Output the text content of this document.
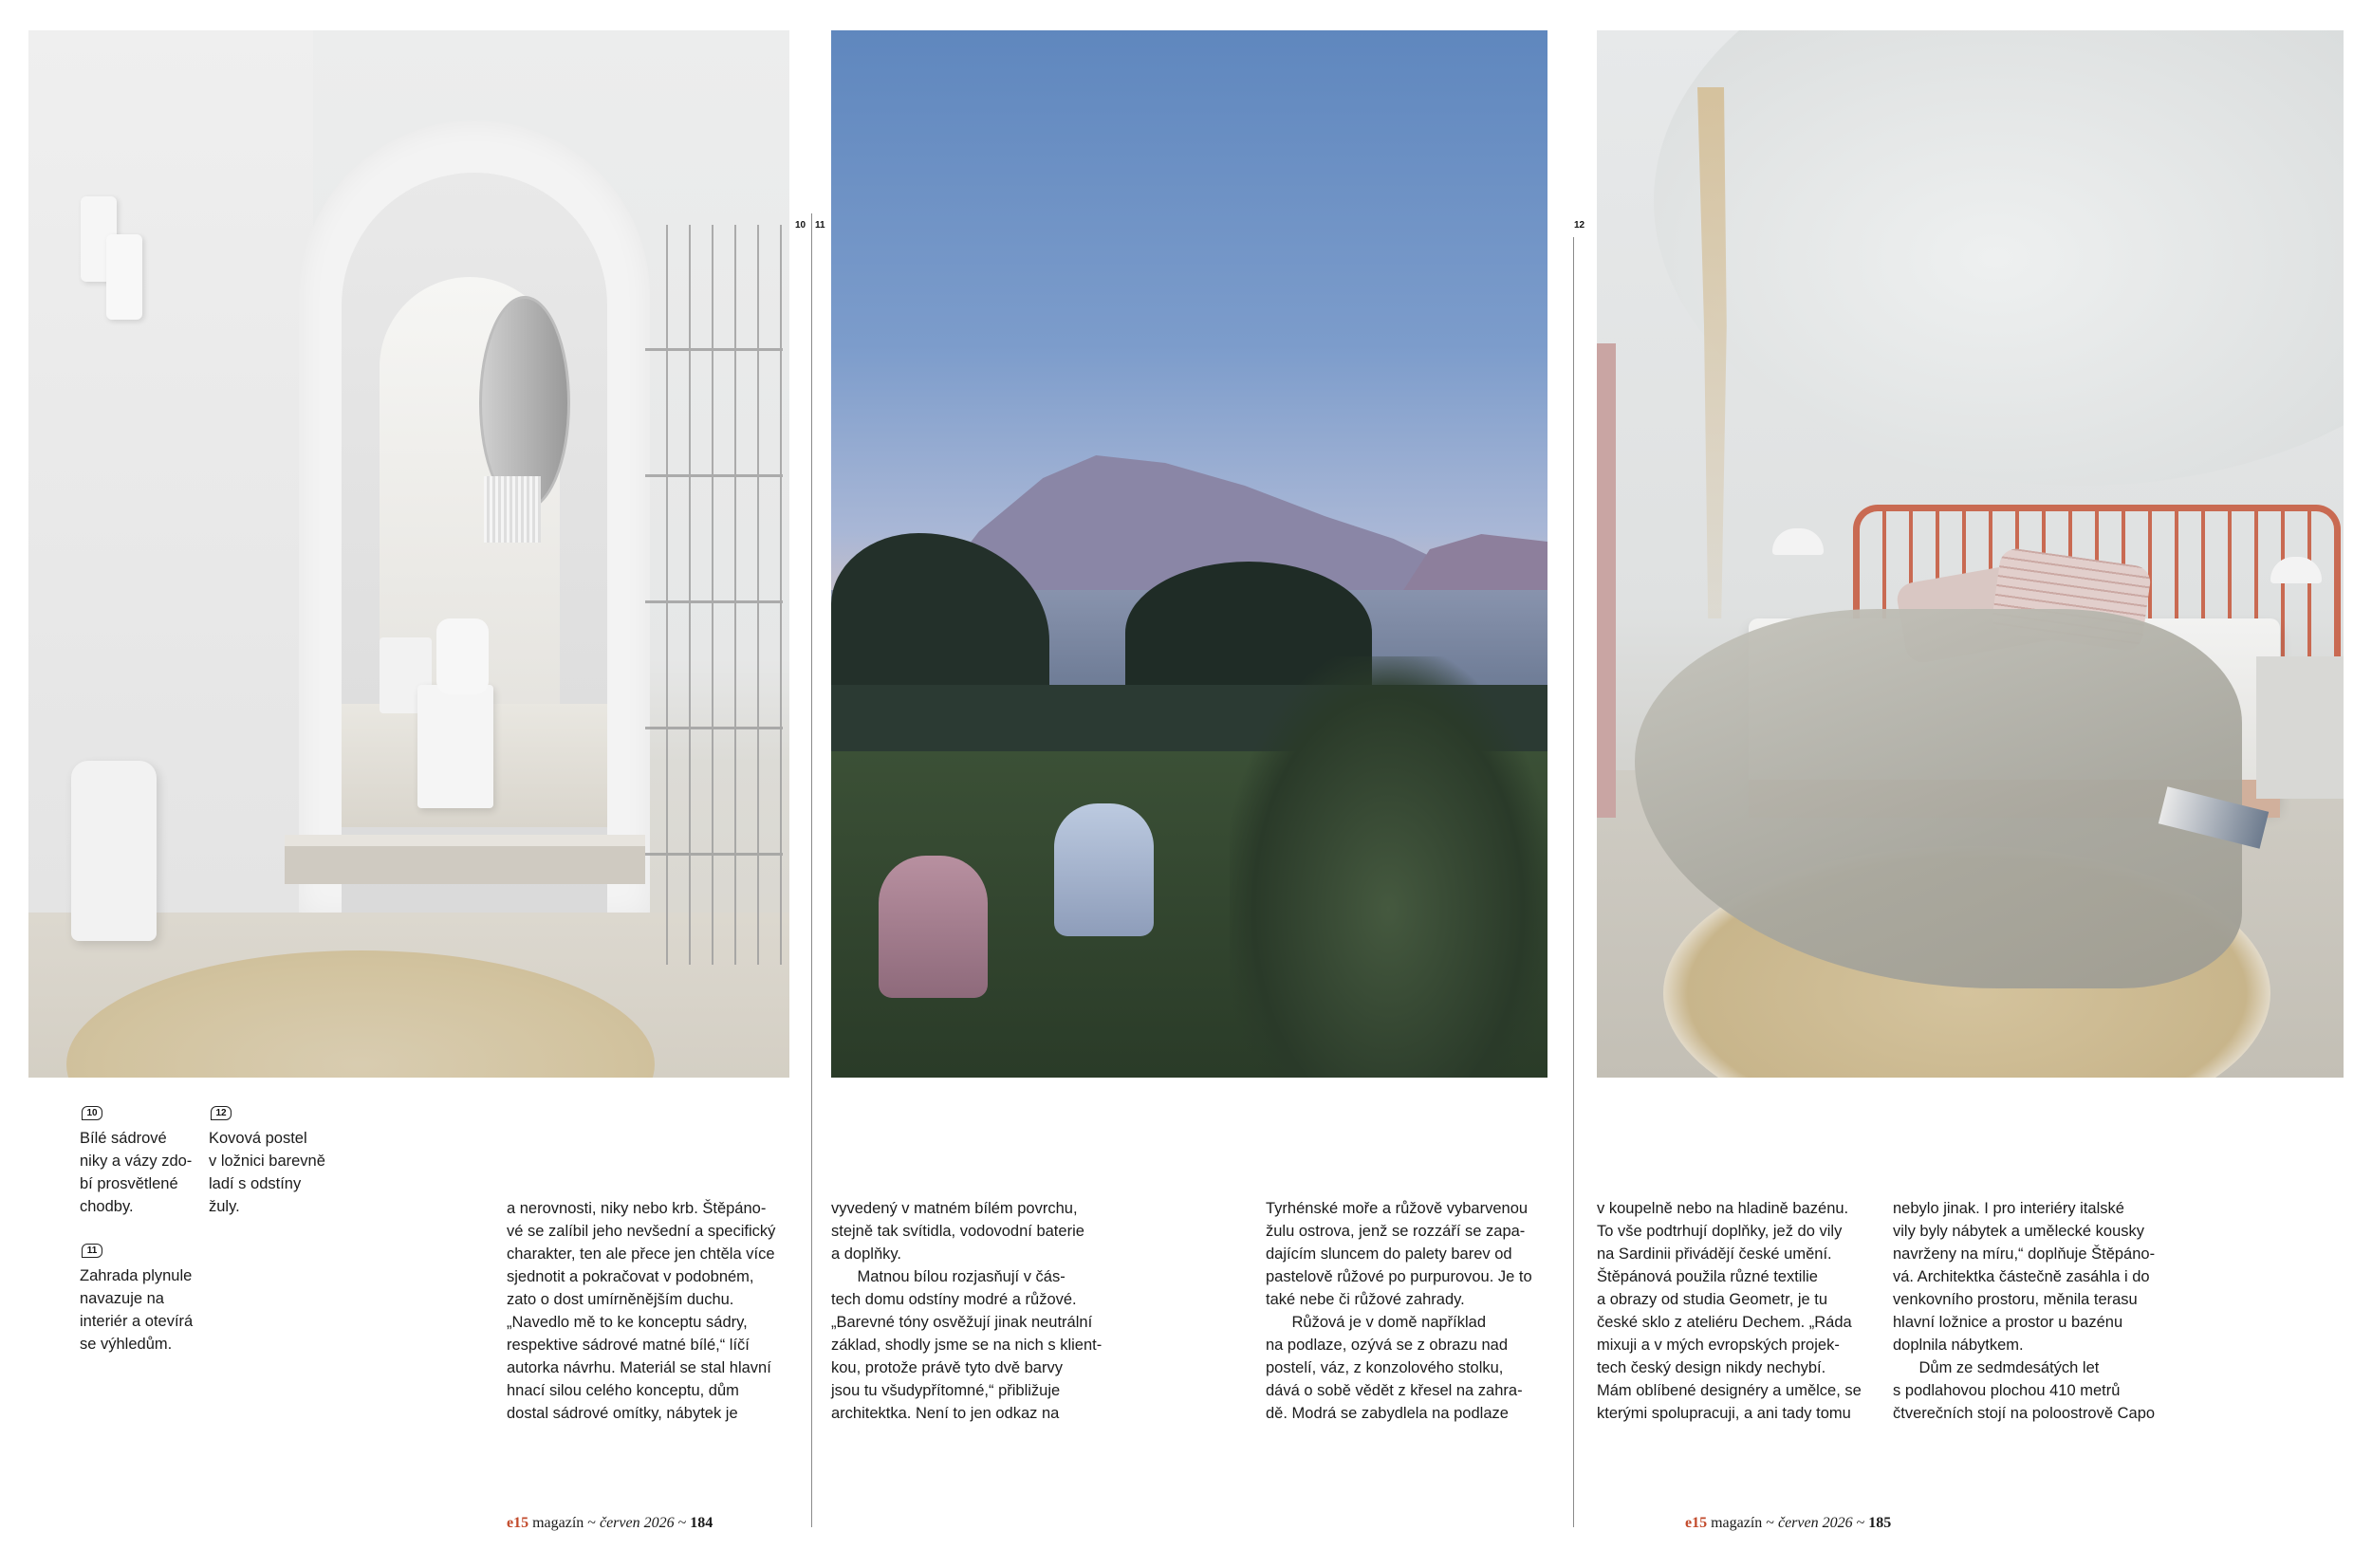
10 11	12
10
Bílé sádrové
niky a vázy zdo-
bí prosvětlené
chodby.
11
Zahrada plynule
navazuje na
interiér a otevírá
se výhledům.
12
Kovová postel
v ložnici barevně
ladí s odstíny
žuly.	a nerovnosti, niky nebo krb. Štěpáno-
vé se zalíbil jeho nevšední a specifický
charakter, ten ale přece jen chtěla více
sjednotit a pokračovat v podobném,
zato o dost umírněnějším duchu.
„Navedlo mě to ke konceptu sádry,
respektive sádrové matné bílé,“ líčí
autorka návrhu. Materiál se stal hlavní
hnací silou celého konceptu, dům
dostal sádrové omítky, nábytek je
vyvedený v matném bílém povrchu,
stejně tak svítidla, vodovodní baterie
a doplňky.
Matnou bílou rozjasňují v čás-
tech domu odstíny modré a růžové.
„Barevné tóny osvěžují jinak neutrální
základ, shodly jsme se na nich s klient-
kou, protože právě tyto dvě barvy
jsou tu všudypřítomné,“ přibližuje
architektka. Není to jen odkaz na
Tyrhénské moře a růžově vybarvenou
žulu ostrova, jenž se rozzáří se zapa-
dajícím sluncem do palety barev od
pastelově růžové po purpurovou. Je to
také nebe či růžové zahrady.
Růžová je v domě například
na podlaze, ozývá se z obrazu nad
postelí, váz, z konzolového stolku,
dává o sobě vědět z křesel na zahra-
dě. Modrá se zabydlela na podlaze
v koupelně nebo na hladině bazénu.
To vše podtrhují doplňky, jež do vily
na Sardinii přivádějí české umění.
Štěpánová použila různé textilie
a obrazy od studia Geometr, je tu
české sklo z ateliéru Dechem. „Ráda
mixuji a v mých evropských projek-
tech český design nikdy nechybí.
Mám oblíbené designéry a umělce, se
kterými spolupracuji, a ani tady tomu
nebylo jinak. I pro interiéry italské
vily byly nábytek a umělecké kousky
navrženy na míru,“ doplňuje Štěpáno-
vá. Architektka částečně zasáhla i do
venkovního prostoru, měnila terasu
hlavní ložnice a prostor u bazénu
doplnila nábytkem.
Dům ze sedmdesátých let
s podlahovou plochou 410 metrů
čtverečních stojí na poloostrově Capo
e15 magazín ~ červen 2026 ~ 184	e15 magazín ~ červen 2026 ~ 185
